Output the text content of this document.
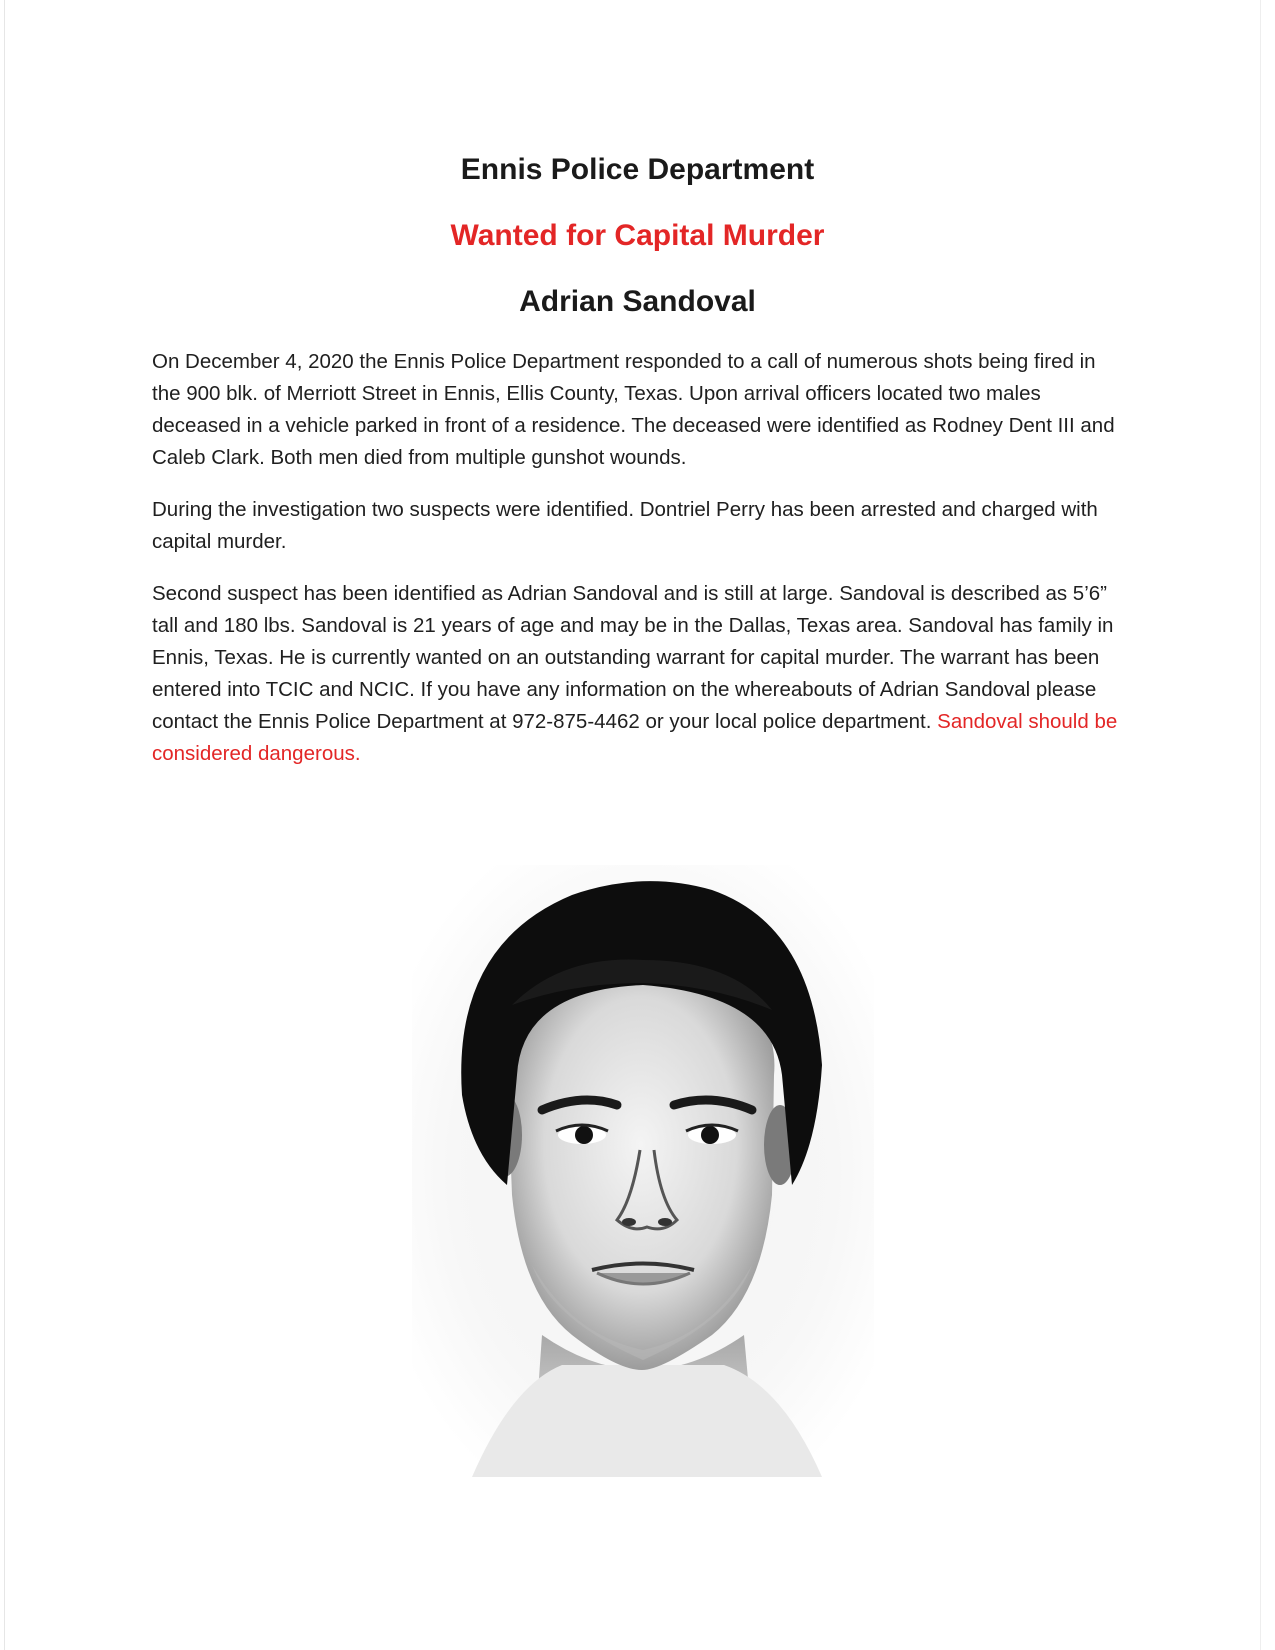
Ennis Police Department
Wanted for Capital Murder
Adrian Sandoval

On December 4, 2020 the Ennis Police Department responded to a call of numerous shots being fired in the 900 blk. of Merriott Street in Ennis, Ellis County, Texas. Upon arrival officers located two males deceased in a vehicle parked in front of a residence. The deceased were identified as Rodney Dent III and Caleb Clark. Both men died from multiple gunshot wounds.

During the investigation two suspects were identified. Dontriel Perry has been arrested and charged with capital murder.

Second suspect has been identified as Adrian Sandoval and is still at large. Sandoval is described as 5’6” tall and 180 lbs. Sandoval is 21 years of age and may be in the Dallas, Texas area. Sandoval has family in Ennis, Texas. He is currently wanted on an outstanding warrant for capital murder. The warrant has been entered into TCIC and NCIC. If you have any information on the whereabouts of Adrian Sandoval please contact the Ennis Police Department at 972-875-4462 or your local police department. Sandoval should be considered dangerous.
